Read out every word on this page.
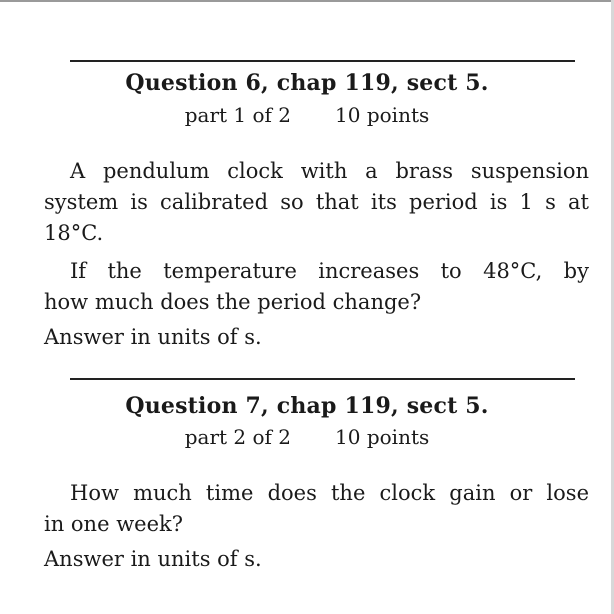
Question 6, chap 119, sect 5.
part 1 of 2 10 points
A pendulum clock with a brass suspension
system is calibrated so that its period is 1 s at
18°C.
If the temperature increases to 48°C, by
how much does the period change?
Answer in units of s.
Question 7, chap 119, sect 5.
part 2 of 2 10 points
How much time does the clock gain or lose
in one week?
Answer in units of s.
